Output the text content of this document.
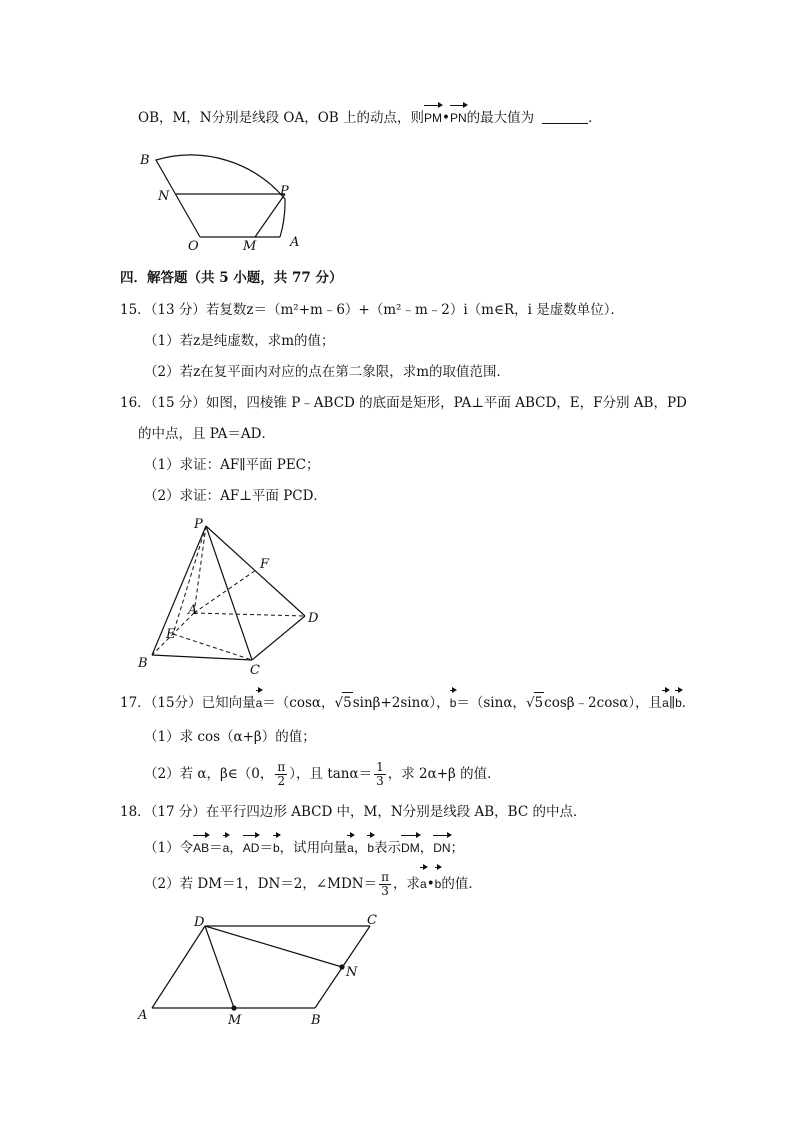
OB，M，N分别是线段 OA，OB 上的动点，则PM•PN的最大值为	．
B
N	P
O	M	A
四．解答题（共 5 小题，共 77 分）
15．（13 分）若复数z＝（m²+m﹣6）+（m²﹣m﹣2）i（m∈R，i 是虚数单位）．
（1）若z是纯虚数，求m的值；
（2）若z在复平面内对应的点在第二象限，求m的取值范围．
16．（15 分）如图，四棱锥 P﹣ABCD 的底面是矩形，PA⊥平面 ABCD，E，F分别 AB，PD
的中点，且 PA＝AD．
（1）求证：AF∥平面 PEC；
（2）求证：AF⊥平面 PCD．
P
F
A
D
E
B	C
17．（15分）已知向量a＝（cosα，√5sinβ+2sinα），b＝（sinα，√5cosβ﹣2cosα），且a∥b．
（1）求 cos（α+β）的值；
（2）若 α，β∈（0， $\frac{\pi}{2}$ ），且 $\tan\alpha= \frac{1}{3}$ ，求 2α+β 的值．
18．（17 分）在平行四边形 ABCD 中，M，N分别是线段 AB，BC 的中点．
（1）令AB＝a，AD＝b，试用向量a，b表示DM，DN；
（2）若 DM＝1，DN＝2，∠MDN＝ $\frac{\pi}{3}$ ，求a•b的值．
D	C
N
A	M	B
